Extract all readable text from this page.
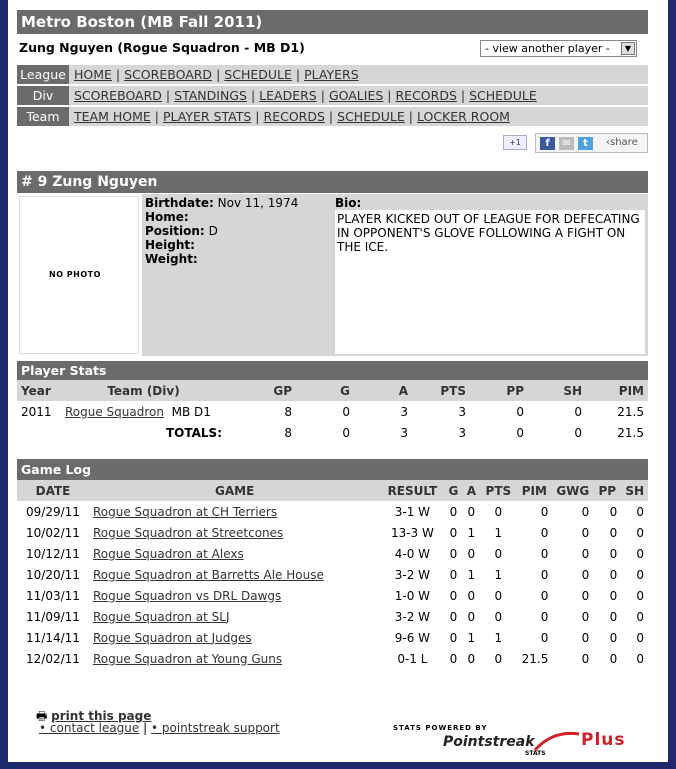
Metro Boston (MB Fall 2011)
Zung Nguyen (Rogue Squadron - MB D1)	- view another player -	▼
League HOME | SCOREBOARD | SCHEDULE | PLAYERS
Div	SCOREBOARD | STANDINGS | LEADERS | GOALIES | RECORDS | SCHEDULE
Team	TEAM HOME | PLAYER STATS | RECORDS | SCHEDULE | LOCKER ROOM
+1	f	✉	t	‹share
# 9 Zung Nguyen
NO PHOTO
Birthdate: Nov 11, 1974
Home:
Position: D
Height:
Weight:
Bio:
PLAYER KICKED OUT OF LEAGUE FOR DEFECATING IN OPPONENT'S GLOVE FOLLOWING A FIGHT ON THE ICE.
Player Stats
Year	Team (Div)	GP	G	A	PTS	PP	SH	PIM
2011	Rogue Squadron MB D1	8	0	3	3	0	0	21.5
	TOTALS:	8	0	3	3	0	0	21.5
Game Log
DATE	GAME	RESULT	G	A	PTS	PIM	GWG	PP	SH
09/29/11	Rogue Squadron at CH Terriers	3-1 W	0	0	0	0	0	0	0
10/02/11	Rogue Squadron at Streetcones	13-3 W	0	1	1	0	0	0	0
10/12/11	Rogue Squadron at Alexs	4-0 W	0	0	0	0	0	0	0
10/20/11	Rogue Squadron at Barretts Ale House	3-2 W	0	1	1	0	0	0	0
11/03/11	Rogue Squadron vs DRL Dawgs	1-0 W	0	0	0	0	0	0	0
11/09/11	Rogue Squadron at SLJ	3-2 W	0	0	0	0	0	0	0
11/14/11	Rogue Squadron at Judges	9-6 W	0	1	1	0	0	0	0
12/02/11	Rogue Squadron at Young Guns	0-1 L	0	0	0	21.5	0	0	0
🖶 print this page
• contact league | • pointstreak support	STATS POWERED BY
Pointstreak
STATS
Plus
